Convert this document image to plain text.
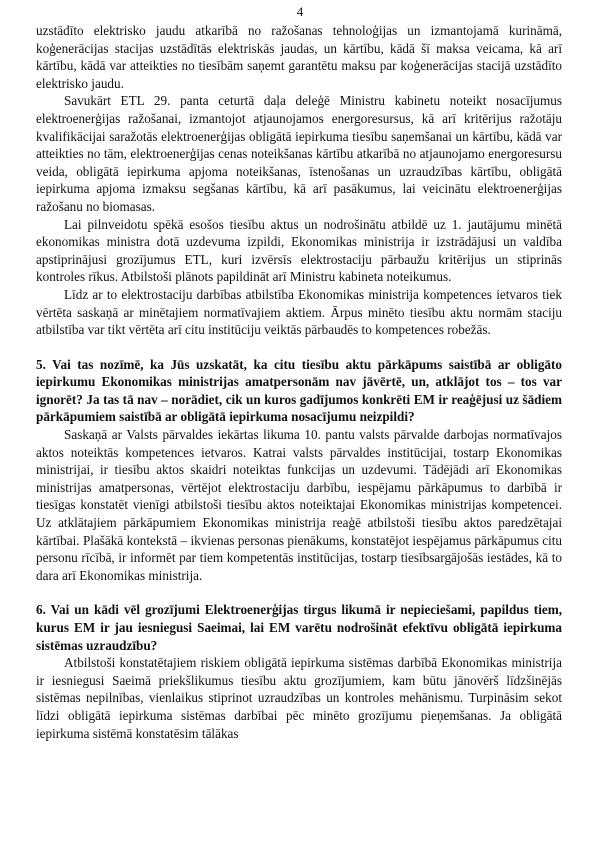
4

uzstādīto elektrisko jaudu atkarībā no ražošanas tehnoloģijas un izmantojamā kurināmā, koģenerācijas stacijas uzstādītās elektriskās jaudas, un kārtību, kādā šī maksa veicama, kā arī kārtību, kādā var atteikties no tiesībām saņemt garantētu maksu par koģenerācijas stacijā uzstādīto elektrisko jaudu.

Savukārt ETL 29. panta ceturtā daļa deleģē Ministru kabinetu noteikt nosacījumus elektroenerģijas ražošanai, izmantojot atjaunojamos energoresursus, kā arī kritērijus ražotāju kvalifikācijai saražotās elektroenerģijas obligātā iepirkuma tiesību saņemšanai un kārtību, kādā var atteikties no tām, elektroenerģijas cenas noteikšanas kārtību atkarībā no atjaunojamo energoresursu veida, obligātā iepirkuma apjoma noteikšanas, īstenošanas un uzraudzības kārtību, obligātā iepirkuma apjoma izmaksu segšanas kārtību, kā arī pasākumus, lai veicinātu elektroenerģijas ražošanu no biomasas.

Lai pilnveidotu spēkā esošos tiesību aktus un nodrošinātu atbildē uz 1. jautājumu minētā ekonomikas ministra dotā uzdevuma izpildi, Ekonomikas ministrija ir izstrādājusi un valdība apstiprinājusi grozījumus ETL, kuri izvērsīs elektrostaciju pārbaužu kritērijus un stiprinās kontroles rīkus. Atbilstoši plānots papildināt arī Ministru kabineta noteikumus.

Līdz ar to elektrostaciju darbības atbilstība Ekonomikas ministrija kompetences ietvaros tiek vērtēta saskaņā ar minētajiem normatīvajiem aktiem. Ārpus minēto tiesību aktu normām staciju atbilstība var tikt vērtēta arī citu institūciju veiktās pārbaudēs to kompetences robežās.

5. Vai tas nozīmē, ka Jūs uzskatāt, ka citu tiesību aktu pārkāpums saistībā ar obligāto iepirkumu Ekonomikas ministrijas amatpersonām nav jāvērtē, un, atklājot tos – tos var ignorēt? Ja tas tā nav – norādiet, cik un kuros gadījumos konkrēti EM ir reaģējusi uz šādiem pārkāpumiem saistībā ar obligātā iepirkuma nosacījumu neizpildi?

Saskaņā ar Valsts pārvaldes iekārtas likuma 10. pantu valsts pārvalde darbojas normatīvajos aktos noteiktās kompetences ietvaros. Katrai valsts pārvaldes institūcijai, tostarp Ekonomikas ministrijai, ir tiesību aktos skaidri noteiktas funkcijas un uzdevumi. Tādējādi arī Ekonomikas ministrijas amatpersonas, vērtējot elektrostaciju darbību, iespējamu pārkāpumus to darbībā ir tiesīgas konstatēt vienīgi atbilstoši tiesību aktos noteiktajai Ekonomikas ministrijas kompetencei. Uz atklātajiem pārkāpumiem Ekonomikas ministrija reaģē atbilstoši tiesību aktos paredzētajai kārtībai. Plašākā kontekstā – ikvienas personas pienākums, konstatējot iespējamus pārkāpumus citu personu rīcībā, ir informēt par tiem kompetentās institūcijas, tostarp tiesībsargājošās iestādes, kā to dara arī Ekonomikas ministrija.

6. Vai un kādi vēl grozījumi Elektroenerģijas tirgus likumā ir nepieciešami, papildus tiem, kurus EM ir jau iesniegusi Saeimai, lai EM varētu nodrošināt efektīvu obligātā iepirkuma sistēmas uzraudzību?

Atbilstoši konstatētajiem riskiem obligātā iepirkuma sistēmas darbībā Ekonomikas ministrija ir iesniegusi Saeimā priekšlikumus tiesību aktu grozījumiem, kam būtu jānovērš līdzšinējās sistēmas nepilnības, vienlaikus stiprinot uzraudzības un kontroles mehānismu. Turpināsim sekot līdzi obligātā iepirkuma sistēmas darbībai pēc minēto grozījumu pieņemšanas. Ja obligātā iepirkuma sistēmā konstatēsim tālākas
